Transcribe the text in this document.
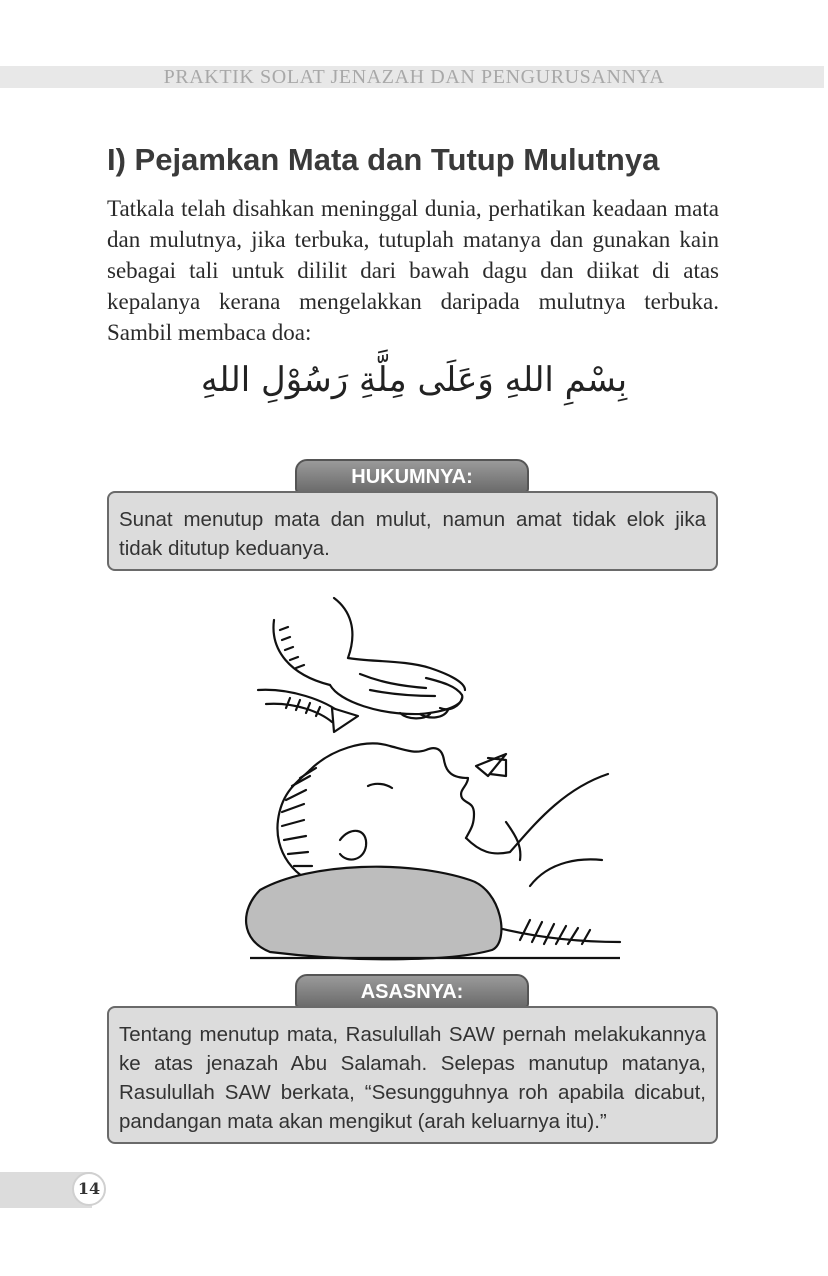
PRAKTIK SOLAT JENAZAH DAN PENGURUSANNYA
I) Pejamkan Mata dan Tutup Mulutnya

Tatkala telah disahkan meninggal dunia, perhatikan keadaan mata dan mulutnya, jika terbuka, tutuplah matanya dan gunakan kain sebagai tali untuk dililit dari bawah dagu dan diikat di atas kepalanya kerana mengelakkan daripada mulutnya terbuka. Sambil membaca doa:

بِسْمِ اللهِ وَعَلَى مِلَّةِ رَسُوْلِ اللهِ
HUKUMNYA:
Sunat menutup mata dan mulut, namun amat tidak elok jika tidak ditutup keduanya.
ASASNYA:
Tentang menutup mata, Rasulullah SAW pernah melakukannya ke atas jenazah Abu Salamah. Selepas manutup matanya, Rasulullah SAW berkata, “Sesungguhnya roh apabila dicabut, pandangan mata akan mengikut (arah keluarnya itu).”
14
